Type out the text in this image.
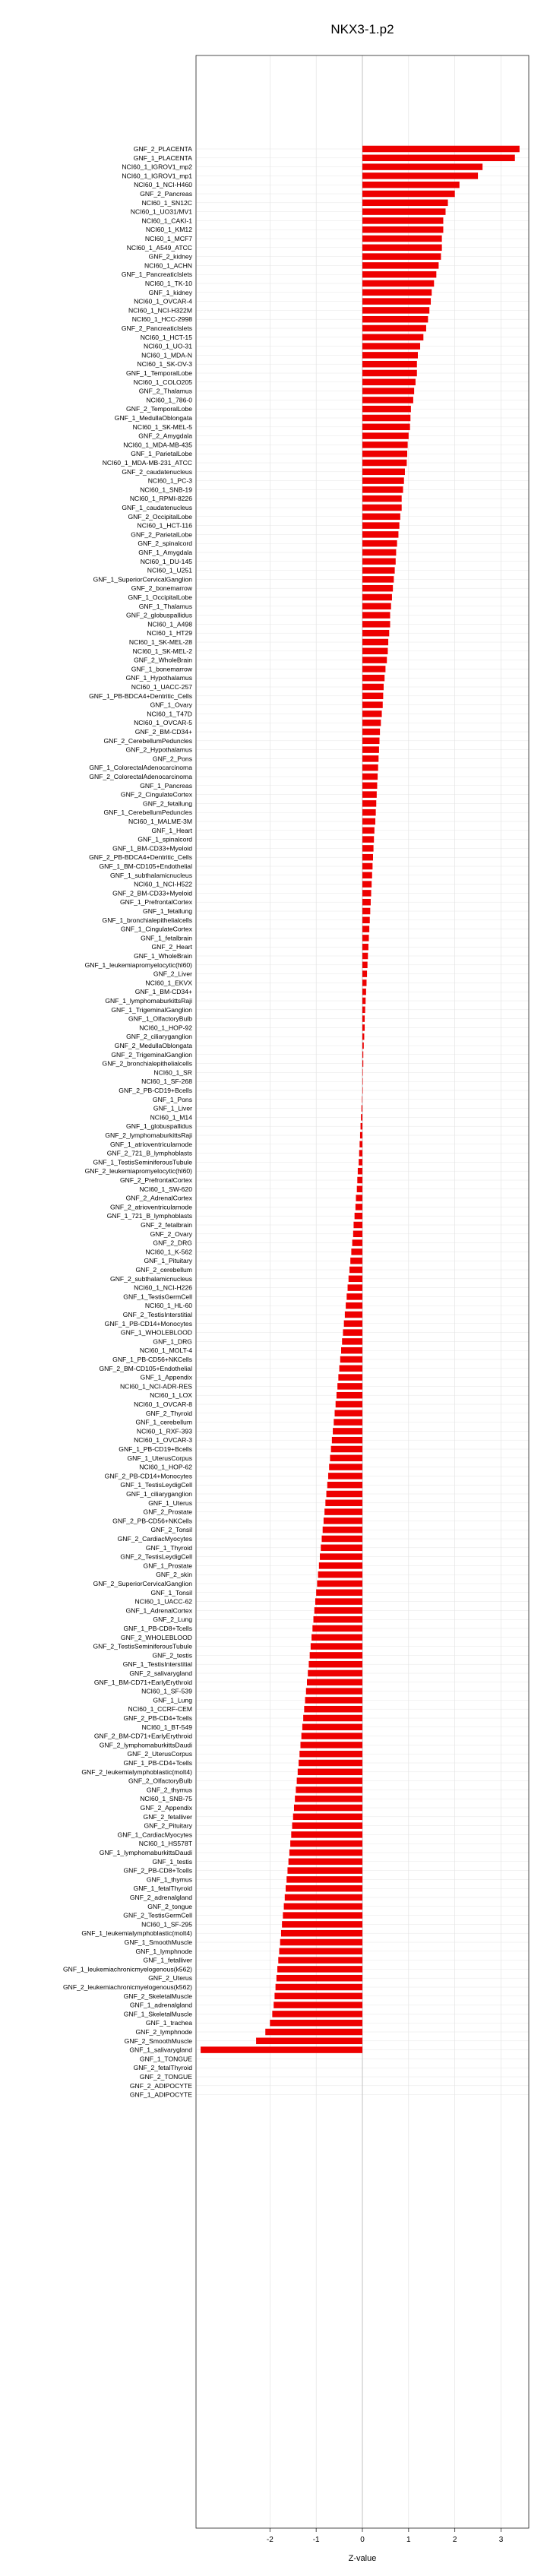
NKX3-1.p2
GNF_2_PLACENTA
GNF_1_PLACENTA
NCI60_1_IGROV1_mp2
NCI60_1_IGROV1_mp1
NCI60_1_NCI-H460
GNF_2_Pancreas
NCI60_1_SN12C
NCI60_1_UO31/MV1
NCI60_1_CAKI-1
NCI60_1_KM12
NCI60_1_MCF7
NCI60_1_A549_ATCC
GNF_2_kidney
NCI60_1_ACHN
GNF_1_PancreaticIslets
NCI60_1_TK-10
GNF_1_kidney
NCI60_1_OVCAR-4
NCI60_1_NCI-H322M
NCI60_1_HCC-2998
GNF_2_PancreaticIslets
NCI60_1_HCT-15
NCI60_1_UO-31
NCI60_1_MDA-N
NCI60_1_SK-OV-3
GNF_1_TemporalLobe
NCI60_1_COLO205
GNF_2_Thalamus
NCI60_1_786-0
GNF_2_TemporalLobe
GNF_1_MedullaOblongata
NCI60_1_SK-MEL-5
GNF_2_Amygdala
NCI60_1_MDA-MB-435
GNF_1_ParietalLobe
NCI60_1_MDA-MB-231_ATCC
GNF_2_caudatenucleus
NCI60_1_PC-3
NCI60_1_SNB-19
NCI60_1_RPMI-8226
GNF_1_caudatenucleus
GNF_2_OccipitalLobe
NCI60_1_HCT-116
GNF_2_ParietalLobe
GNF_2_spinalcord
GNF_1_Amygdala
NCI60_1_DU-145
NCI60_1_U251
GNF_1_SuperiorCervicalGanglion
GNF_2_bonemarrow
GNF_1_OccipitalLobe
GNF_1_Thalamus
GNF_2_globuspallidus
NCI60_1_A498
NCI60_1_HT29
NCI60_1_SK-MEL-28
NCI60_1_SK-MEL-2
GNF_2_WholeBrain
GNF_1_bonemarrow
GNF_1_Hypothalamus
NCI60_1_UACC-257
GNF_1_PB-BDCA4+Dentritic_Cells
GNF_1_Ovary
NCI60_1_T47D
NCI60_1_OVCAR-5
GNF_2_BM-CD34+
GNF_2_CerebellumPeduncles
GNF_2_Hypothalamus
GNF_2_Pons
GNF_1_ColorectalAdenocarcinoma
GNF_2_ColorectalAdenocarcinoma
GNF_1_Pancreas
GNF_2_CingulateCortex
GNF_2_fetallung
GNF_1_CerebellumPeduncles
NCI60_1_MALME-3M
GNF_1_Heart
GNF_1_spinalcord
GNF_1_BM-CD33+Myeloid
GNF_2_PB-BDCA4+Dentritic_Cells
GNF_1_BM-CD105+Endothelial
GNF_1_subthalamicnucleus
NCI60_1_NCI-H522
GNF_2_BM-CD33+Myeloid
GNF_1_PrefrontalCortex
GNF_1_fetallung
GNF_1_bronchialepithelialcells
GNF_1_CingulateCortex
GNF_1_fetalbrain
GNF_2_Heart
GNF_1_WholeBrain
GNF_1_leukemiapromyelocytic(hl60)
GNF_2_Liver
NCI60_1_EKVX
GNF_1_BM-CD34+
GNF_1_lymphomaburkittsRaji
GNF_1_TrigeminalGanglion
GNF_1_OlfactoryBulb
NCI60_1_HOP-92
GNF_2_ciliaryganglion
GNF_2_MedullaOblongata
GNF_2_TrigeminalGanglion
GNF_2_bronchialepithelialcells
NCI60_1_SR
NCI60_1_SF-268
GNF_2_PB-CD19+Bcells
GNF_1_Pons
GNF_1_Liver
NCI60_1_M14
GNF_1_globuspallidus
GNF_2_lymphomaburkittsRaji
GNF_1_atrioventricularnode
GNF_2_721_B_lymphoblasts
GNF_1_TestisSeminiferousTubule
GNF_2_leukemiapromyelocytic(hl60)
GNF_2_PrefrontalCortex
NCI60_1_SW-620
GNF_2_AdrenalCortex
GNF_2_atrioventricularnode
GNF_1_721_B_lymphoblasts
GNF_2_fetalbrain
GNF_2_Ovary
GNF_2_DRG
NCI60_1_K-562
GNF_1_Pituitary
GNF_2_cerebellum
GNF_2_subthalamicnucleus
NCI60_1_NCI-H226
GNF_1_TestisGermCell
NCI60_1_HL-60
GNF_2_TestisInterstitial
GNF_1_PB-CD14+Monocytes
GNF_1_WHOLEBLOOD
GNF_1_DRG
NCI60_1_MOLT-4
GNF_1_PB-CD56+NKCells
GNF_2_BM-CD105+Endothelial
GNF_1_Appendix
NCI60_1_NCI-ADR-RES
NCI60_1_LOX
NCI60_1_OVCAR-8
GNF_2_Thyroid
GNF_1_cerebellum
NCI60_1_RXF-393
NCI60_1_OVCAR-3
GNF_1_PB-CD19+Bcells
GNF_1_UterusCorpus
NCI60_1_HOP-62
GNF_2_PB-CD14+Monocytes
GNF_1_TestisLeydigCell
GNF_1_ciliaryganglion
GNF_1_Uterus
GNF_2_Prostate
GNF_2_PB-CD56+NKCells
GNF_2_Tonsil
GNF_2_CardiacMyocytes
GNF_1_Thyroid
GNF_2_TestisLeydigCell
GNF_1_Prostate
GNF_2_skin
GNF_2_SuperiorCervicalGanglion
GNF_1_Tonsil
NCI60_1_UACC-62
GNF_1_AdrenalCortex
GNF_2_Lung
GNF_1_PB-CD8+Tcells
GNF_2_WHOLEBLOOD
GNF_2_TestisSeminiferousTubule
GNF_2_testis
GNF_1_TestisInterstitial
GNF_2_salivarygland
GNF_1_BM-CD71+EarlyErythroid
NCI60_1_SF-539
GNF_1_Lung
NCI60_1_CCRF-CEM
GNF_2_PB-CD4+Tcells
NCI60_1_BT-549
GNF_2_BM-CD71+EarlyErythroid
GNF_2_lymphomaburkittsDaudi
GNF_2_UterusCorpus
GNF_1_PB-CD4+Tcells
GNF_2_leukemialymphoblastic(molt4)
GNF_2_OlfactoryBulb
GNF_2_thymus
NCI60_1_SNB-75
GNF_2_Appendix
GNF_2_fetalliver
GNF_2_Pituitary
GNF_1_CardiacMyocytes
NCI60_1_HS578T
GNF_1_lymphomaburkittsDaudi
GNF_1_testis
GNF_2_PB-CD8+Tcells
GNF_1_thymus
GNF_1_fetalThyroid
GNF_2_adrenalgland
GNF_2_tongue
GNF_2_TestisGermCell
NCI60_1_SF-295
GNF_1_leukemialymphoblastic(molt4)
GNF_1_SmoothMuscle
GNF_1_lymphnode
GNF_1_fetalliver
GNF_1_leukemiachronicmyelogenous(k562)
GNF_2_Uterus
GNF_2_leukemiachronicmyelogenous(k562)
GNF_2_SkeletalMuscle
GNF_1_adrenalgland
GNF_1_SkeletalMuscle
GNF_1_trachea
GNF_2_lymphnode
GNF_2_SmoothMuscle
GNF_1_salivarygland
GNF_1_TONGUE
GNF_2_fetalThyroid
GNF_2_TONGUE
GNF_2_ADIPOCYTE
GNF_1_ADIPOCYTE
-2	-1	0	1	2	3
Z-value
